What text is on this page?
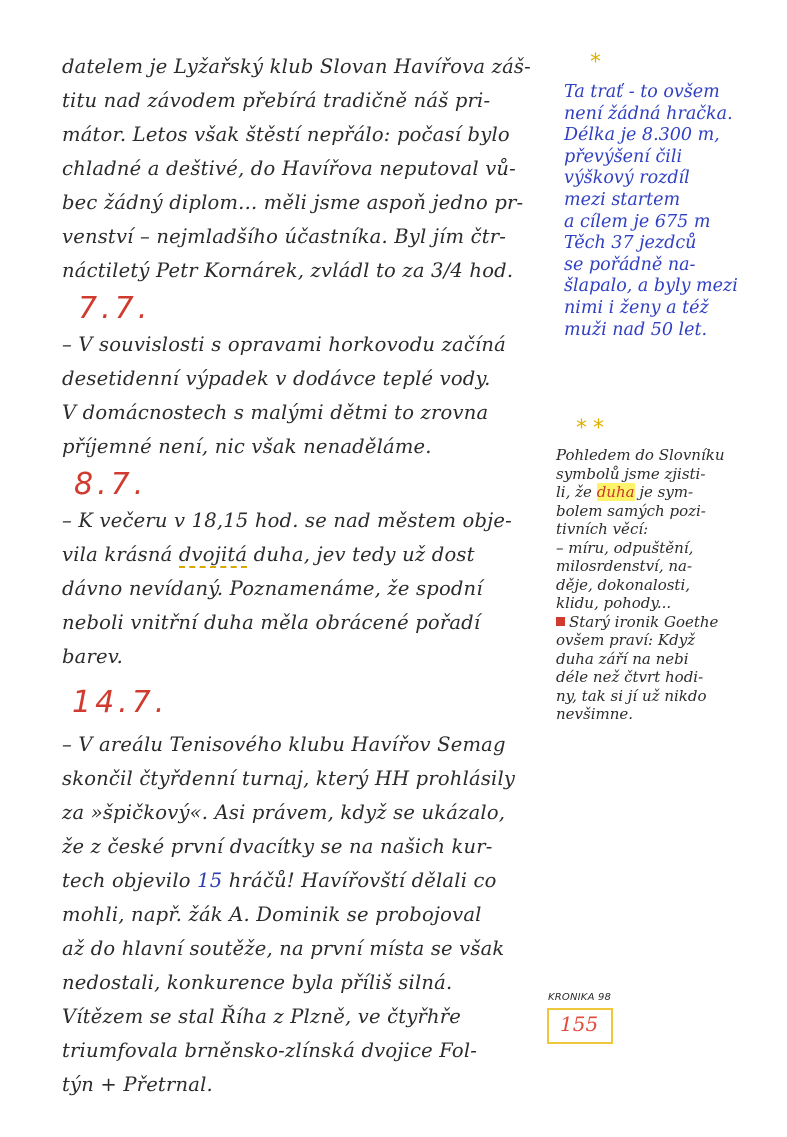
datelem je Lyžařský klub Slovan Havířova záš-
titu nad závodem přebírá tradičně náš pri-
mátor. Letos však štěstí nepřálo: počasí bylo
chladné a deštivé, do Havířova neputoval vů-
bec žádný diplom... měli jsme aspoň jedno pr-
venství – nejmladšího účastníka. Byl jím čtr-
náctiletý Petr Kornárek, zvládl to za 3/4 hod.
7.7.
– V souvislosti s opravami horkovodu začíná
desetidenní výpadek v dodávce teplé vody.
V domácnostech s malými dětmi to zrovna
příjemné není, nic však nenaděláme.
8.7.
– K večeru v 18,15 hod. se nad městem obje-
vila krásná dvojitá duha, jev tedy už dost
dávno nevídaný. Poznamenáme, že spodní
neboli vnitřní duha měla obrácené pořadí
barev.
14.7.
– V areálu Tenisového klubu Havířov Semag
skončil čtyřdenní turnaj, který HH prohlásily
za »špičkový«. Asi právem, když se ukázalo,
že z české první dvacítky se na našich kur-
tech objevilo 15 hráčů! Havířovští dělali co
mohli, např. žák A. Dominik se probojoval
až do hlavní soutěže, na první místa se však
nedostali, konkurence byla příliš silná.
Vítězem se stal Říha z Plzně, ve čtyřhře
triumfovala brněnsko-zlínská dvojice Fol-
týn + Přetrnal.
*
Ta trať - to ovšem
není žádná hračka.
Délka je 8.300 m,
převýšení čili
výškový rozdíl
mezi startem
a cílem je 675 m
Těch 37 jezdců
se pořádně na-
šlapalo, a byly mezi
nimi i ženy a též
muži nad 50 let.
**
Pohledem do Slovníku
symbolů jsme zjisti-
li, že duha je sym-
bolem samých pozi-
tivních věcí:
– míru, odpuštění,
milosrdenství, na-
děje, dokonalosti,
klidu, pohody...
Starý ironik Goethe
ovšem praví: Když
duha září na nebi
déle než čtvrt hodi-
ny, tak si jí už nikdo
nevšimne.
KRONIKA 98
155
